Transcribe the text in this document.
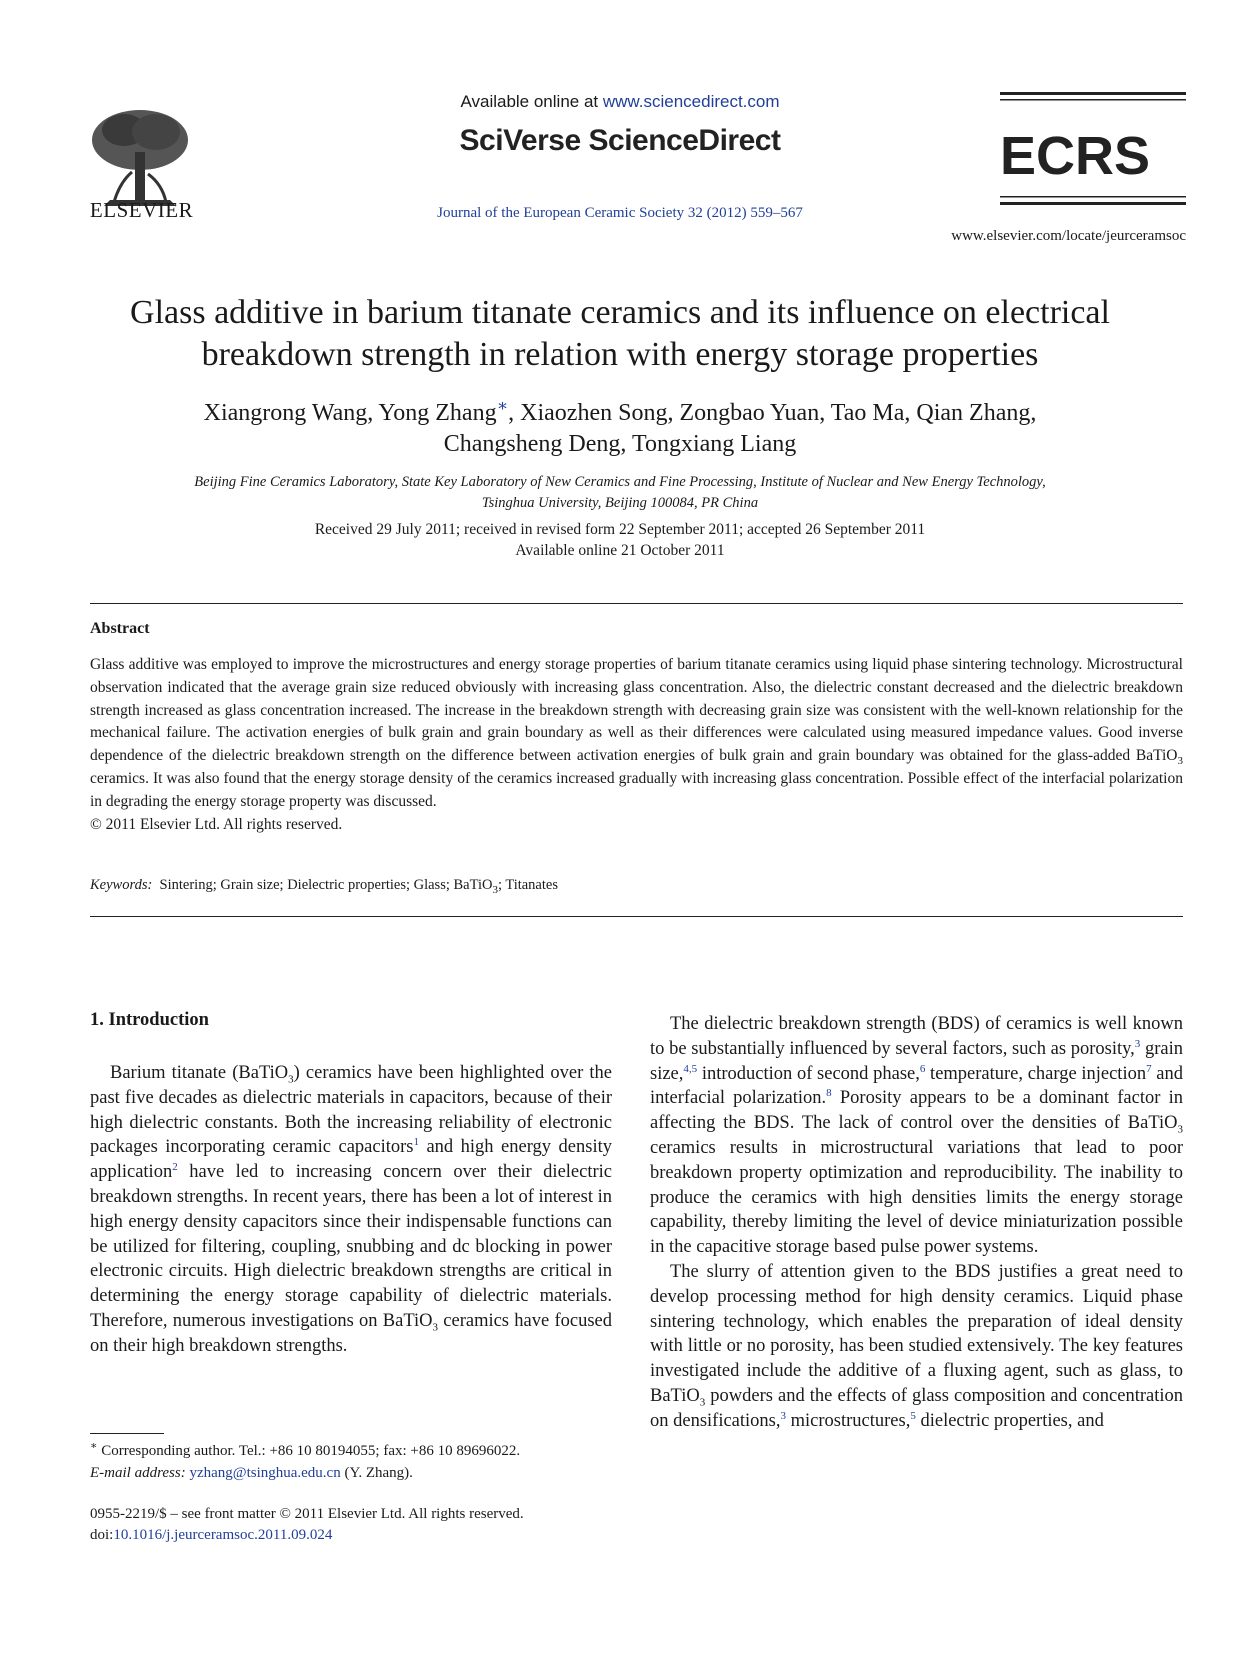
ELSEVIER
Available online at www.sciencedirect.com
SciVerse ScienceDirect
Journal of the European Ceramic Society 32 (2012) 559–567
ECRS
www.elsevier.com/locate/jeurceramsoc
Glass additive in barium titanate ceramics and its influence on electrical
breakdown strength in relation with energy storage properties
Xiangrong Wang, Yong Zhang∗, Xiaozhen Song, Zongbao Yuan, Tao Ma, Qian Zhang,
Changsheng Deng, Tongxiang Liang
Beijing Fine Ceramics Laboratory, State Key Laboratory of New Ceramics and Fine Processing, Institute of Nuclear and New Energy Technology,
Tsinghua University, Beijing 100084, PR China
Received 29 July 2011; received in revised form 22 September 2011; accepted 26 September 2011
Available online 21 October 2011
Abstract
Glass additive was employed to improve the microstructures and energy storage properties of barium titanate ceramics using liquid phase sintering technology. Microstructural observation indicated that the average grain size reduced obviously with increasing glass concentration. Also, the dielectric constant decreased and the dielectric breakdown strength increased as glass concentration increased. The increase in the breakdown strength with decreasing grain size was consistent with the well-known relationship for the mechanical failure. The activation energies of bulk grain and grain boundary as well as their differences were calculated using measured impedance values. Good inverse dependence of the dielectric breakdown strength on the difference between activation energies of bulk grain and grain boundary was obtained for the glass-added BaTiO$_3$ ceramics. It was also found that the energy storage density of the ceramics increased gradually with increasing glass concentration. Possible effect of the interfacial polarization in degrading the energy storage property was discussed.
© 2011 Elsevier Ltd. All rights reserved.
Keywords: Sintering; Grain size; Dielectric properties; Glass; BaTiO$_3$; Titanates
1. Introduction

Barium titanate (BaTiO$_3$) ceramics have been highlighted over the past five decades as dielectric materials in capacitors, because of their high dielectric constants. Both the increasing reliability of electronic packages incorporating ceramic capacitors$^1$ and high energy density application$^2$ have led to increasing concern over their dielectric breakdown strengths. In recent years, there has been a lot of interest in high energy density capacitors since their indispensable functions can be utilized for filtering, coupling, snubbing and dc blocking in power electronic circuits. High dielectric breakdown strengths are critical in determining the energy storage capability of dielectric materials. Therefore, numerous investigations on BaTiO$_3$ ceramics have focused on their high breakdown strengths.

∗ Corresponding author. Tel.: +86 10 80194055; fax: +86 10 89696022.
E-mail address: yzhang@tsinghua.edu.cn (Y. Zhang).
0955-2219/$ – see front matter © 2011 Elsevier Ltd. All rights reserved.
doi:10.1016/j.jeurceramsoc.2011.09.024

The dielectric breakdown strength (BDS) of ceramics is well known to be substantially influenced by several factors, such as porosity,$^3$ grain size,$^{4,5}$ introduction of second phase,$^6$ temperature, charge injection$^7$ and interfacial polarization.$^8$ Porosity appears to be a dominant factor in affecting the BDS. The lack of control over the densities of BaTiO$_3$ ceramics results in microstructural variations that lead to poor breakdown property optimization and reproducibility. The inability to produce the ceramics with high densities limits the energy storage capability, thereby limiting the level of device miniaturization possible in the capacitive storage based pulse power systems.

The slurry of attention given to the BDS justifies a great need to develop processing method for high density ceramics. Liquid phase sintering technology, which enables the preparation of ideal density with little or no porosity, has been studied extensively. The key features investigated include the additive of a fluxing agent, such as glass, to BaTiO$_3$ powders and the effects of glass composition and concentration on densifications,$^3$ microstructures,$^5$ dielectric properties, and
